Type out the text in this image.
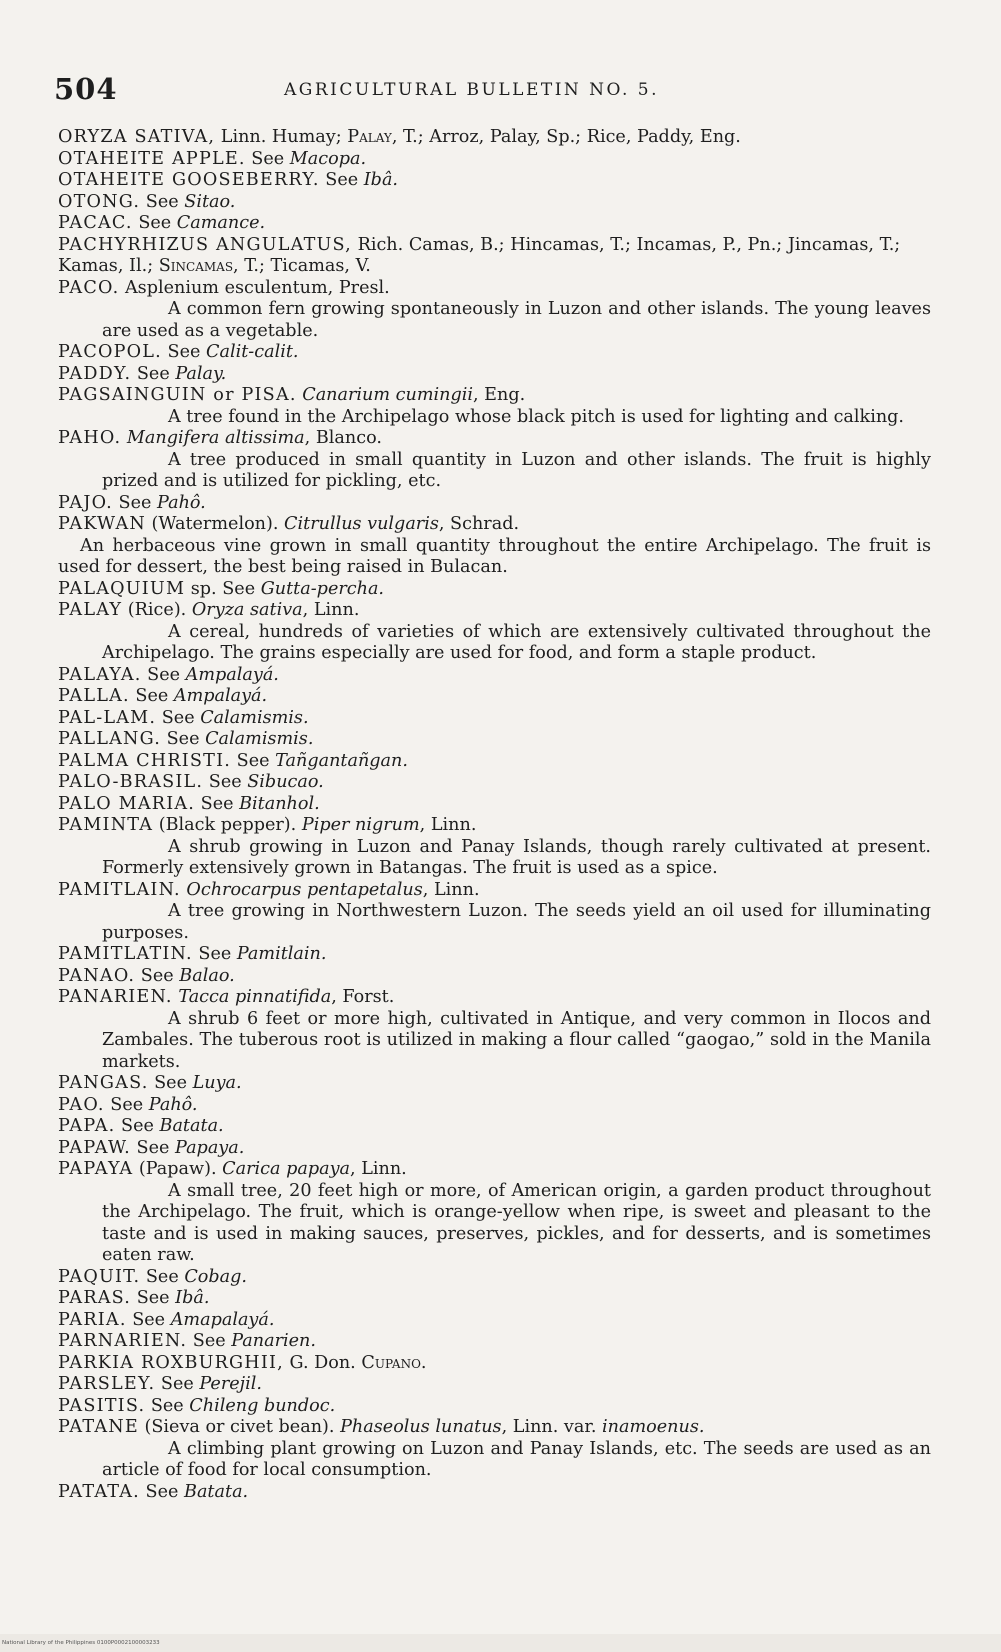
504	AGRICULTURAL BULLETIN NO. 5.

ORYZA SATIVA, Linn. Humay; Palay, T.; Arroz, Palay, Sp.; Rice, Paddy, Eng.

OTAHEITE APPLE. See Macopa.

OTAHEITE GOOSEBERRY. See Ibâ.

OTONG. See Sitao.

PACAC. See Camance.

PACHYRHIZUS ANGULATUS, Rich. Camas, B.; Hincamas, T.; Incamas, P., Pn.; Jincamas, T.; Kamas, Il.; Sincamas, T.; Ticamas, V.

PACO. Asplenium esculentum, Presl.

A common fern growing spontaneously in Luzon and other islands. The young leaves are used as a vegetable.

PACOPOL. See Calit-calit.

PADDY. See Palay.

PAGSAINGUIN or PISA. Canarium cumingii, Eng.

A tree found in the Archipelago whose black pitch is used for lighting and calking.

PAHO. Mangifera altissima, Blanco.

A tree produced in small quantity in Luzon and other islands. The fruit is highly prized and is utilized for pickling, etc.

PAJO. See Pahô.

PAKWAN (Watermelon). Citrullus vulgaris, Schrad.

An herbaceous vine grown in small quantity throughout the entire Archipelago. The fruit is used for dessert, the best being raised in Bulacan.

PALAQUIUM sp. See Gutta-percha.

PALAY (Rice). Oryza sativa, Linn.

A cereal, hundreds of varieties of which are extensively cultivated throughout the Archipelago. The grains especially are used for food, and form a staple product.

PALAYA. See Ampalayá.

PALLA. See Ampalayá.

PAL-LAM. See Calamismis.

PALLANG. See Calamismis.

PALMA CHRISTI. See Tañgantañgan.

PALO-BRASIL. See Sibucao.

PALO MARIA. See Bitanhol.

PAMINTA (Black pepper). Piper nigrum, Linn.

A shrub growing in Luzon and Panay Islands, though rarely cultivated at present. Formerly extensively grown in Batangas. The fruit is used as a spice.

PAMITLAIN. Ochrocarpus pentapetalus, Linn.

A tree growing in Northwestern Luzon. The seeds yield an oil used for illuminating purposes.

PAMITLATIN. See Pamitlain.

PANAO. See Balao.

PANARIEN. Tacca pinnatifida, Forst.

A shrub 6 feet or more high, cultivated in Antique, and very common in Ilocos and Zambales. The tuberous root is utilized in making a flour called “gaogao,” sold in the Manila markets.

PANGAS. See Luya.

PAO. See Pahô.

PAPA. See Batata.

PAPAW. See Papaya.

PAPAYA (Papaw). Carica papaya, Linn.

A small tree, 20 feet high or more, of American origin, a garden product throughout the Archipelago. The fruit, which is orange-yellow when ripe, is sweet and pleasant to the taste and is used in making sauces, preserves, pickles, and for desserts, and is sometimes eaten raw.

PAQUIT. See Cobag.

PARAS. See Ibâ.

PARIA. See Amapalayá.

PARNARIEN. See Panarien.

PARKIA ROXBURGHII, G. Don. Cupano.

PARSLEY. See Perejil.

PASITIS. See Chileng bundoc.

PATANE (Sieva or civet bean). Phaseolus lunatus, Linn. var. inamoenus.

A climbing plant growing on Luzon and Panay Islands, etc. The seeds are used as an article of food for local consumption.

PATATA. See Batata.

National Library of the Philippines 0100P0002100003233
